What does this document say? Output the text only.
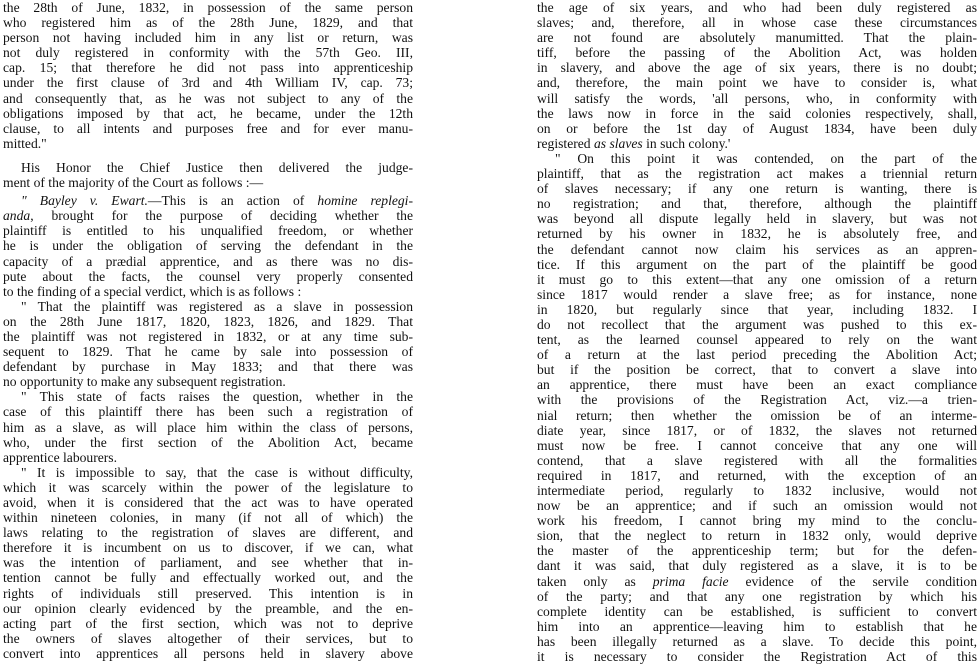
the 28th of June, 1832, in possession of the same person
who registered him as of the 28th June, 1829, and that
person not having included him in any list or return, was
not duly registered in conformity with the 57th Geo. III,
cap. 15; that therefore he did not pass into apprenticeship
under the first clause of 3rd and 4th William IV, cap. 73;
and consequently that, as he was not subject to any of the
obligations imposed by that act, he became, under the 12th
clause, to all intents and purposes free and for ever manu-
mitted."
His Honor the Chief Justice then delivered the judge-
ment of the majority of the Court as follows :—
" Bayley v. Ewart.—This is an action of homine replegi-
anda, brought for the purpose of deciding whether the
plaintiff is entitled to his unqualified freedom, or whether
he is under the obligation of serving the defendant in the
capacity of a prædial apprentice, and as there was no dis-
pute about the facts, the counsel very properly consented
to the finding of a special verdict, which is as follows :
" That the plaintiff was registered as a slave in possession
on the 28th June 1817, 1820, 1823, 1826, and 1829. That
the plaintiff was not registered in 1832, or at any time sub-
sequent to 1829. That he came by sale into possession of
defendant by purchase in May 1833; and that there was
no opportunity to make any subsequent registration.
" This state of facts raises the question, whether in the
case of this plaintiff there has been such a registration of
him as a slave, as will place him within the class of persons,
who, under the first section of the Abolition Act, became
apprentice labourers.
" It is impossible to say, that the case is without difficulty,
which it was scarcely within the power of the legislature to
avoid, when it is considered that the act was to have operated
within nineteen colonies, in many (if not all of which) the
laws relating to the registration of slaves are different, and
therefore it is incumbent on us to discover, if we can, what
was the intention of parliament, and see whether that in-
tention cannot be fully and effectually worked out, and the
rights of individuals still preserved. This intention is in
our opinion clearly evidenced by the preamble, and the en-
acting part of the first section, which was not to deprive
the owners of slaves altogether of their services, but to
convert into apprentices all persons held in slavery above
the age of six years, and who had been duly registered as
slaves; and, therefore, all in whose case these circumstances
are not found are absolutely manumitted. That the plain-
tiff, before the passing of the Abolition Act, was holden
in slavery, and above the age of six years, there is no doubt;
and, therefore, the main point we have to consider is, what
will satisfy the words, 'all persons, who, in conformity with
the laws now in force in the said colonies respectively, shall,
on or before the 1st day of August 1834, have been duly
registered as slaves in such colony.'
" On this point it was contended, on the part of the
plaintiff, that as the registration act makes a triennial return
of slaves necessary; if any one return is wanting, there is
no registration; and that, therefore, although the plaintiff
was beyond all dispute legally held in slavery, but was not
returned by his owner in 1832, he is absolutely free, and
the defendant cannot now claim his services as an appren-
tice. If this argument on the part of the plaintiff be good
it must go to this extent—that any one omission of a return
since 1817 would render a slave free; as for instance, none
in 1820, but regularly since that year, including 1832. I
do not recollect that the argument was pushed to this ex-
tent, as the learned counsel appeared to rely on the want
of a return at the last period preceding the Abolition Act;
but if the position be correct, that to convert a slave into
an apprentice, there must have been an exact compliance
with the provisions of the Registration Act, viz.—a trien-
nial return; then whether the omission be of an interme-
diate year, since 1817, or of 1832, the slaves not returned
must now be free. I cannot conceive that any one will
contend, that a slave registered with all the formalities
required in 1817, and returned, with the exception of an
intermediate period, regularly to 1832 inclusive, would not
now be an apprentice; and if such an omission would not
work his freedom, I cannot bring my mind to the conclu-
sion, that the neglect to return in 1832 only, would deprive
the master of the apprenticeship term; but for the defen-
dant it was said, that duly registered as a slave, it is to be
taken only as prima facie evidence of the servile condition
of the party; and that any one registration by which his
complete identity can be established, is sufficient to convert
him into an apprentice—leaving him to establish that he
has been illegally returned as a slave. To decide this point,
it is necessary to consider the Registration Act of this
